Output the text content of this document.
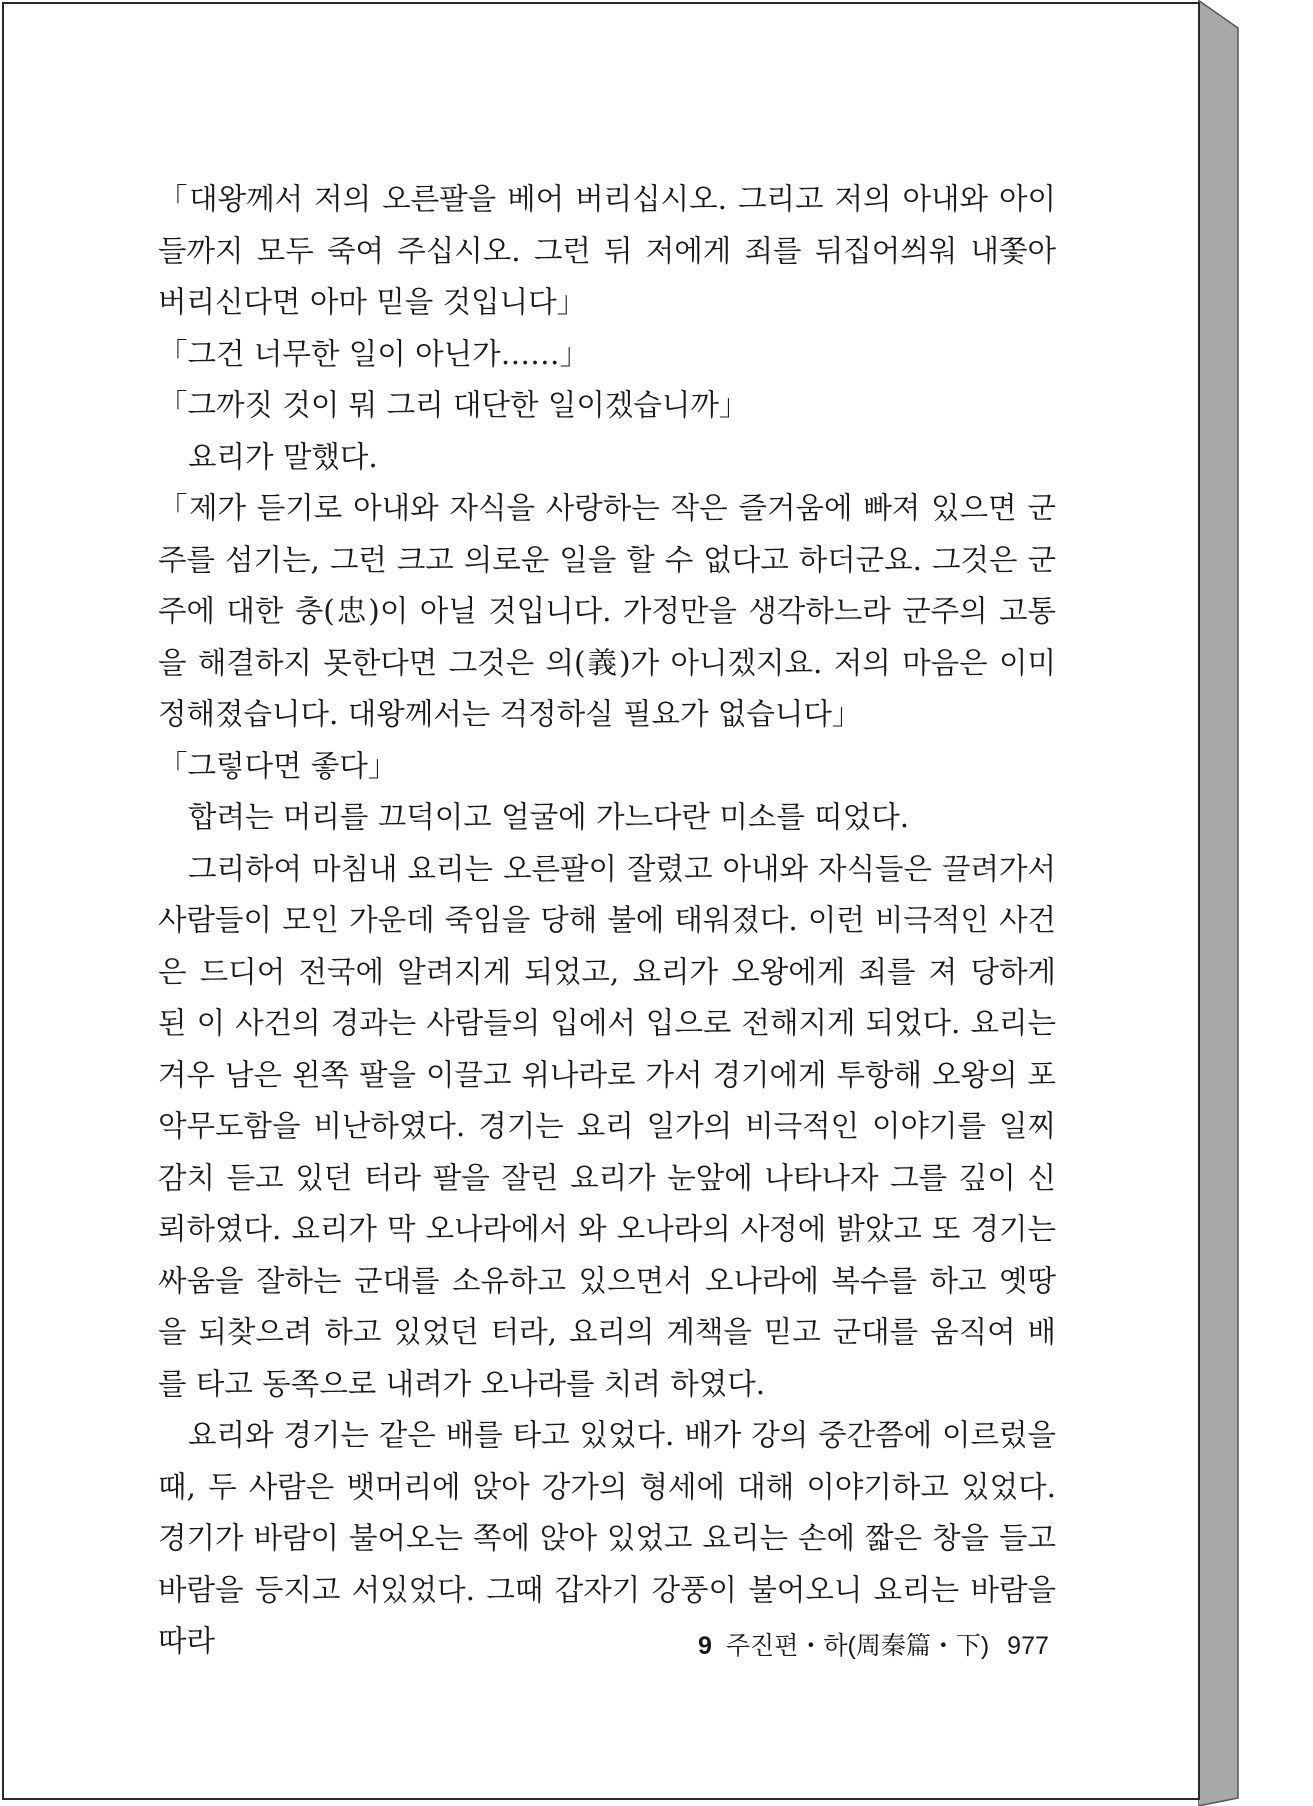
「대왕께서 저의 오른팔을 베어 버리십시오. 그리고 저의 아내와 아이들까지 모두 죽여 주십시오. 그런 뒤 저에게 죄를 뒤집어씌워 내쫓아 버리신다면 아마 믿을 것입니다」

「그건 너무한 일이 아닌가……」

「그까짓 것이 뭐 그리 대단한 일이겠습니까」

요리가 말했다.

「제가 듣기로 아내와 자식을 사랑하는 작은 즐거움에 빠져 있으면 군주를 섬기는, 그런 크고 의로운 일을 할 수 없다고 하더군요. 그것은 군주에 대한 충(忠)이 아닐 것입니다. 가정만을 생각하느라 군주의 고통을 해결하지 못한다면 그것은 의(義)가 아니겠지요. 저의 마음은 이미 정해졌습니다. 대왕께서는 걱정하실 필요가 없습니다」

「그렇다면 좋다」

합려는 머리를 끄덕이고 얼굴에 가느다란 미소를 띠었다.

그리하여 마침내 요리는 오른팔이 잘렸고 아내와 자식들은 끌려가서 사람들이 모인 가운데 죽임을 당해 불에 태워졌다. 이런 비극적인 사건은 드디어 전국에 알려지게 되었고, 요리가 오왕에게 죄를 져 당하게 된 이 사건의 경과는 사람들의 입에서 입으로 전해지게 되었다. 요리는 겨우 남은 왼쪽 팔을 이끌고 위나라로 가서 경기에게 투항해 오왕의 포악무도함을 비난하였다. 경기는 요리 일가의 비극적인 이야기를 일찌감치 듣고 있던 터라 팔을 잘린 요리가 눈앞에 나타나자 그를 깊이 신뢰하였다. 요리가 막 오나라에서 와 오나라의 사정에 밝았고 또 경기는 싸움을 잘하는 군대를 소유하고 있으면서 오나라에 복수를 하고 옛땅을 되찾으려 하고 있었던 터라, 요리의 계책을 믿고 군대를 움직여 배를 타고 동쪽으로 내려가 오나라를 치려 하였다.

요리와 경기는 같은 배를 타고 있었다. 배가 강의 중간쯤에 이르렀을 때, 두 사람은 뱃머리에 앉아 강가의 형세에 대해 이야기하고 있었다. 경기가 바람이 불어오는 쪽에 앉아 있었고 요리는 손에 짧은 창을 들고 바람을 등지고 서있었다. 그때 갑자기 강풍이 불어오니 요리는 바람을 따라	9 주진편・하(周秦篇・下) 977
